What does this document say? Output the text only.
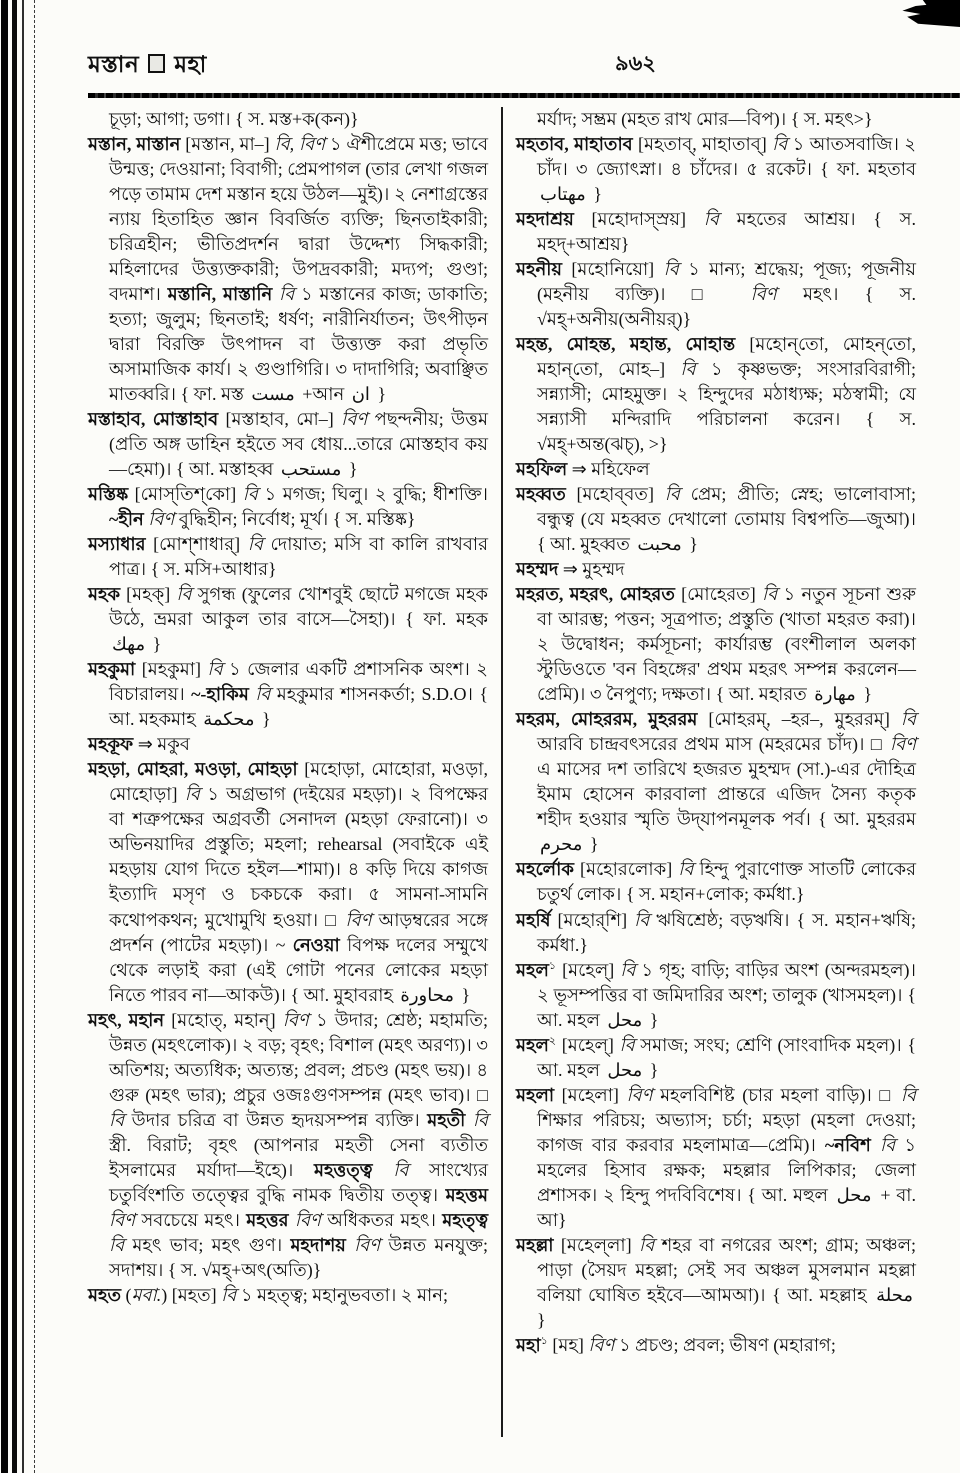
মস্তান মহা	৯৬২

চূড়া; আগা; ডগা। { স. মস্ত+ক(কন)}

মস্তান, মাস্তান [মস্তান, মা–] বি, বিণ ১ ঐশীপ্রেমে মত্ত; ভাবে উন্মত্ত; দেওয়ানা; বিবাগী; প্রেমপাগল (তার লেখা গজল পড়ে তামাম দেশ মস্তান হয়ে উঠল—মুই)। ২ নেশাগ্রস্তের ন্যায় হিতাহিত জ্ঞান বিবর্জিত ব্যক্তি; ছিনতাইকারী; চরিত্রহীন; ভীতিপ্রদর্শন দ্বারা উদ্দেশ্য সিদ্ধকারী; মহিলাদের উত্ত্যক্তকারী; উপদ্রবকারী; মদ্যপ; গুণ্ডা; বদমাশ। মস্তানি, মাস্তানি বি ১ মস্তানের কাজ; ডাকাতি; হত্যা; জুলুম; ছিনতাই; ধর্ষণ; নারীনির্যাতন; উৎপীড়ন দ্বারা বিরক্তি উৎপাদন বা উত্ত্যক্ত করা প্রভৃতি অসামাজিক কার্য। ২ গুণ্ডাগিরি। ৩ দাদাগিরি; অবাঞ্ছিত মাতব্বরি। { ফা. মস্ত مست +আন ان }

মস্তাহাব, মোস্তাহাব [মস্তাহাব, মো–] বিণ পছন্দনীয়; উত্তম (প্রতি অঙ্গ ডাহিন হইতে সব ধোয়...তারে মোস্তহাব কয়—হেমা)। { আ. মস্তাহব্ব مستحب }

মস্তিষ্ক [মোস্‌তিশ্‌কো] বি ১ মগজ; ঘিলু। ২ বুদ্ধি; ধীশক্তি। ~হীন বিণ বুদ্ধিহীন; নির্বোধ; মূর্খ। { স. মস্তিষ্ক}

মস্যাধার [মোশ্‌শাধার্‌] বি দোয়াত; মসি বা কালি রাখবার পাত্র। { স. মসি+আধার}

মহক [মহক্‌] বি সুগন্ধ (ফুলের খোশবুই ছোটে মগজে মহক উঠে, ভ্রমরা আকুল তার বাসে—সৈহা)। { ফা. মহক مهك }

মহকুমা [মহকুমা] বি ১ জেলার একটি প্রশাসনিক অংশ। ২ বিচারালয়। ~-হাকিম বি মহকুমার শাসনকর্তা; S.D.O। { আ. মহকমাহ محكمة }

মহকূফ ⇒ মকুব

মহড়া, মোহরা, মওড়া, মোহড়া [মহোড়া, মোহোরা, মওড়া, মোহোড়া] বি ১ অগ্রভাগ (দইয়ের মহড়া)। ২ বিপক্ষের বা শত্রুপক্ষের অগ্রবর্তী সেনাদল (মহড়া ফেরানো)। ৩ অভিনয়াদির প্রস্তুতি; মহলা; rehearsal (সবাইকে এই মহড়ায় যোগ দিতে হইল—শামা)। ৪ কড়ি দিয়ে কাগজ ইত্যাদি মসৃণ ও চকচকে করা। ৫ সামনা-সামনি কথোপকথন; মুখোমুখি হওয়া। □ বিণ আড়ম্বরের সঙ্গে প্রদর্শন (পাটের মহড়া)। ~ নেওয়া বিপক্ষ দলের সম্মুখে থেকে লড়াই করা (এই গোটা পনের লোকের মহড়া নিতে পারব না—আকউ)। { আ. মুহাবরাহ محاورة }

মহৎ, মহান [মহোত্‌, মহান্‌] বিণ ১ উদার; শ্রেষ্ঠ; মহামতি; উন্নত (মহৎলোক)। ২ বড়; বৃহৎ; বিশাল (মহৎ অরণ্য)। ৩ অতিশয়; অত্যধিক; অত্যন্ত; প্রবল; প্রচণ্ড (মহৎ ভয়)। ৪ গুরু (মহৎ ভার); প্রচুর ওজঃগুণসম্পন্ন (মহৎ ভাব)। □ বি উদার চরিত্র বা উন্নত হৃদয়সম্পন্ন ব্যক্তি। মহতী বি স্ত্রী. বিরাট; বৃহৎ (আপনার মহতী সেনা ব্যতীত ইসলামের মর্যাদা—ইহে)। মহত্তত্ত্ব বি সাংখ্যের চতুর্বিংশতি তত্ত্বের বুদ্ধি নামক দ্বিতীয় তত্ত্ব। মহত্তম বিণ সবচেয়ে মহৎ। মহত্তর বিণ অধিকতর মহৎ। মহত্ত্ব বি মহৎ ভাব; মহৎ গুণ। মহদাশয় বিণ উন্নত মনযুক্ত; সদাশয়। { স. √মহ্‌+অৎ(অতি)}

মহত (মবা.) [মহত] বি ১ মহত্ত্ব; মহানুভবতা। ২ মান;

মর্যাদ; সম্ভ্রম (মহত রাখ মোর—বিপ)। { স. মহৎ>}

মহতাব, মাহাতাব [মহতাব্‌, মাহাতাব্‌] বি ১ আতসবাজি। ২ চাঁদ। ৩ জ্যোৎস্না। ৪ চাঁদের। ৫ রকেট। { ফা. মহতাব مهتاب }

মহদাশ্রয় [মহোদাস্‌স্রয়] বি মহতের আশ্রয়। { স. মহদ্‌+আশ্রয়}

মহনীয় [মহোনিয়ো] বি ১ মান্য; শ্রদ্ধেয়; পূজ্য; পূজনীয় (মহনীয় ব্যক্তি)। □ বিণ মহৎ। { স. √মহ্‌+অনীয়(অনীয়র্‌)}

মহন্ত, মোহন্ত, মহান্ত, মোহান্ত [মহোন্‌তো, মোহন্‌তো, মহান্‌তো, মোহ–] বি ১ কৃষ্ণভক্ত; সংসারবিরাগী; সন্ন্যাসী; মোহমুক্ত। ২ হিন্দুদের মঠাধ্যক্ষ; মঠস্বামী; যে সন্ন্যাসী মন্দিরাদি পরিচালনা করেন। { স. √মহ্‌+অন্ত(ঝচ্‌), >}

মহফিল ⇒ মহিফেল

মহব্বত [মহোব্‌বত] বি প্রেম; প্রীতি; স্নেহ; ভালোবাসা; বন্ধুত্ব (যে মহব্বত দেখালো তোমায় বিশ্বপতি—জুআ)। { আ. মুহব্বত محبت }

মহম্মদ ⇒ মুহম্মদ

মহরত, মহরৎ, মোহরত [মোহেরত] বি ১ নতুন সূচনা শুরু বা আরম্ভ; পত্তন; সূত্রপাত; প্রস্তুতি (খাতা মহরত করা)। ২ উদ্বোধন; কর্মসূচনা; কার্যারম্ভ (বংশীলাল অলকা স্টুডিওতে 'বন বিহঙ্গের' প্রথম মহরৎ সম্পন্ন করলেন—প্রেমি)। ৩ নৈপুণ্য; দক্ষতা। { আ. মহারত مهارة }

মহরম, মোহররম, মুহররম [মোহরম্‌, –হর–, মুহররম্‌] বি আরবি চান্দ্রবৎসরের প্রথম মাস (মহরমের চাঁদ)। □ বিণ এ মাসের দশ তারিখে হজরত মুহম্মদ (সা.)-এর দৌহিত্র ইমাম হোসেন কারবালা প্রান্তরে এজিদ সৈন্য কতৃক শহীদ হওয়ার স্মৃতি উদ্‌যাপনমূলক পর্ব। { আ. মুহররম محرم }

মহর্লোক [মহোরলোক] বি হিন্দু পুরাণোক্ত সাতটি লোকের চতুর্থ লোক। { স. মহান+লোক; কর্মধা.}

মহর্ষি [মহোর্‌শি] বি ঋষিশ্রেষ্ঠ; বড়ঋষি। { স. মহান+ঋষি; কর্মধা.}

মহল$^১$ [মহেল্‌] বি ১ গৃহ; বাড়ি; বাড়ির অংশ (অন্দরমহল)। ২ ভূসম্পত্তির বা জমিদারির অংশ; তালুক (খাসমহল)। { আ. মহল محل }

মহল$^২$ [মহেল্‌] বি সমাজ; সংঘ; শ্রেণি (সাংবাদিক মহল)। { আ. মহল محل }

মহলা [মহেলা] বিণ মহলবিশিষ্ট (চার মহলা বাড়ি)। □ বি শিক্ষার পরিচয়; অভ্যাস; চর্চা; মহড়া (মহলা দেওয়া; কাগজ বার করবার মহলামাত্র—প্রেমি)। ~নবিশ বি ১ মহলের হিসাব রক্ষক; মহল্লার লিপিকার; জেলা প্রশাসক। ২ হিন্দু পদবিবিশেষ। { আ. মহুল محل + বা. আ}

মহল্লা [মহেল্‌লা] বি শহর বা নগরের অংশ; গ্রাম; অঞ্চল; পাড়া (সৈয়দ মহল্লা; সেই সব অঞ্চল মুসলমান মহল্লা বলিয়া ঘোষিত হইবে—আমআ)। { আ. মহল্লাহ محلة }

মহা$^১$ [মহ] বিণ ১ প্রচণ্ড; প্রবল; ভীষণ (মহারাগ;
